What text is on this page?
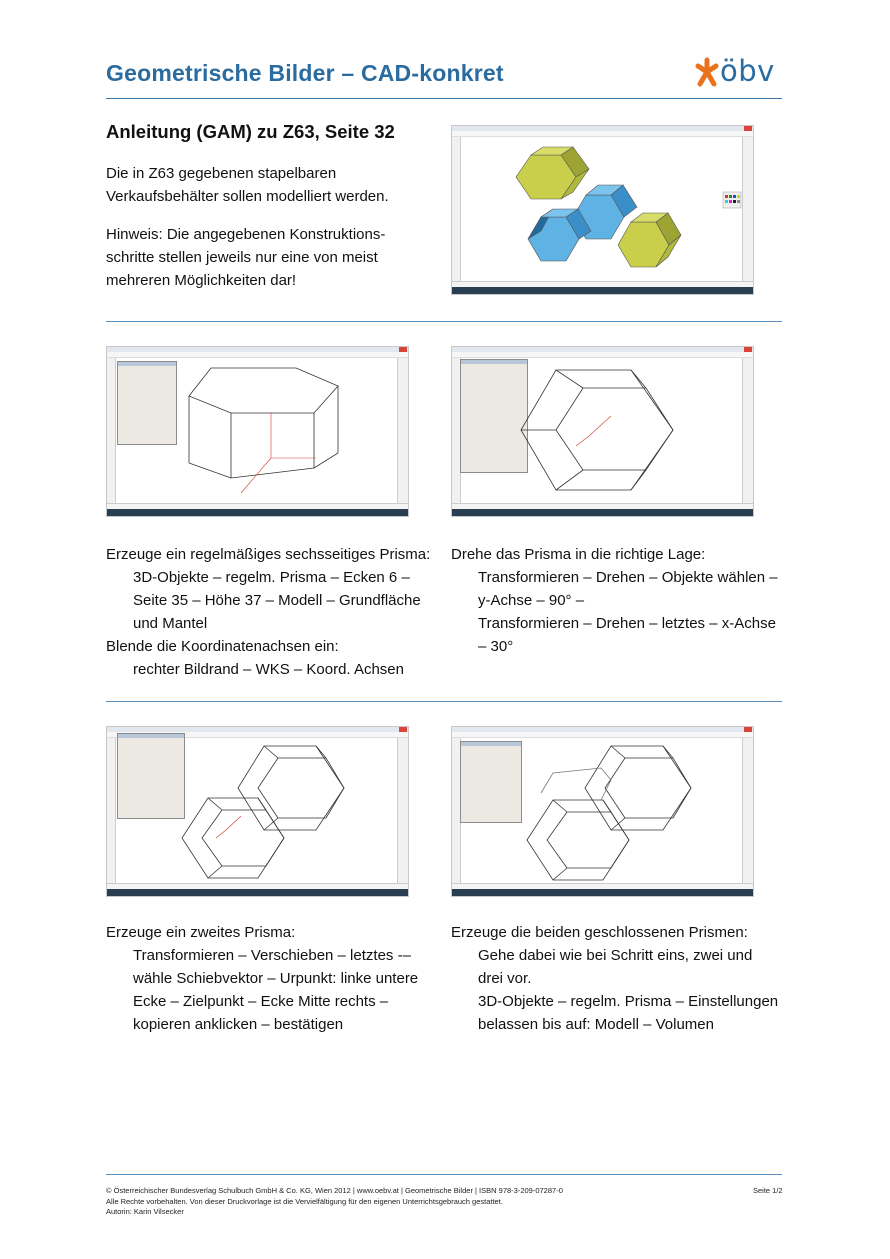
Geometrische Bilder – CAD-konkret	öbv
Anleitung (GAM) zu Z63, Seite 32
Die in Z63 gegebenen stapelbaren
Verkaufsbehälter sollen modelliert werden.
Hinweis: Die angegebenen Konstruktions-
schritte stellen jeweils nur eine von meist
mehreren Möglichkeiten dar!
Erzeuge ein regelmäßiges sechsseitiges Prisma:
3D-Objekte – regelm. Prisma – Ecken 6 –
Seite 35 – Höhe 37 – Modell – Grundfläche
und Mantel
Blende die Koordinatenachsen ein:
rechter Bildrand – WKS – Koord. Achsen
Drehe das Prisma in die richtige Lage:
Transformieren – Drehen – Objekte wählen –
y-Achse – 90° –
Transformieren – Drehen – letztes – x-Achse
– 30°
Erzeuge ein zweites Prisma:
Transformieren – Verschieben – letztes -–
wähle Schiebvektor – Urpunkt: linke untere
Ecke – Zielpunkt – Ecke Mitte rechts –
kopieren anklicken – bestätigen
Erzeuge die beiden geschlossenen Prismen:
Gehe dabei wie bei Schritt eins, zwei und
drei vor.
3D-Objekte – regelm. Prisma – Einstellungen
belassen bis auf: Modell – Volumen
© Österreichischer Bundesverlag Schulbuch GmbH & Co. KG, Wien 2012 | www.oebv.at | Geometrische Bilder | ISBN 978-3-209-07287-0
Alle Rechte vorbehalten. Von dieser Druckvorlage ist die Vervielfältigung für den eigenen Unterrichtsgebrauch gestattet.
Autorin: Karin Vilsecker
Seite 1/2
